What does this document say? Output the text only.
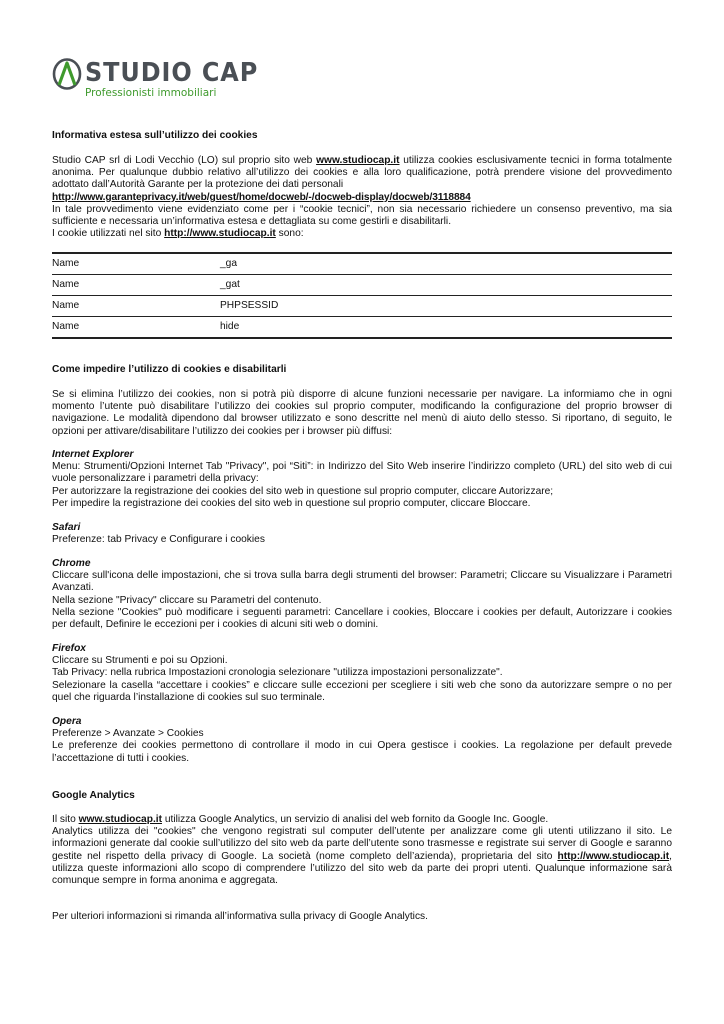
STUDIO CAP
Professionisti immobiliari

Informativa estesa sull’utilizzo dei cookies

Studio CAP srl di Lodi Vecchio (LO) sul proprio sito web www.studiocap.it utilizza cookies esclusivamente tecnici in forma totalmente anonima. Per qualunque dubbio relativo all’utilizzo dei cookies e alla loro qualificazione, potrà prendere visione del provvedimento adottato dall’Autorità Garante per la protezione dei dati personali

http://www.garanteprivacy.it/web/guest/home/docweb/-/docweb-display/docweb/3118884

In tale provvedimento viene evidenziato come per i “cookie tecnici”, non sia necessario richiedere un consenso preventivo, ma sia sufficiente e necessaria un’informativa estesa e dettagliata su come gestirli e disabilitarli.

I cookie utilizzati nel sito http://www.studiocap.it sono:

Name	_ga
Name	_gat
Name	PHPSESSID
Name	hide

Come impedire l’utilizzo di cookies e disabilitarli

Se si elimina l’utilizzo dei cookies, non si potrà più disporre di alcune funzioni necessarie per navigare. La informiamo che in ogni momento l’utente può disabilitare l’utilizzo dei cookies sul proprio computer, modificando la configurazione del proprio browser di navigazione. Le modalità dipendono dal browser utilizzato e sono descritte nel menù di aiuto dello stesso. Si riportano, di seguito, le opzioni per attivare/disabilitare l’utilizzo dei cookies per i browser più diffusi:

Internet Explorer

Menu: Strumenti/Opzioni Internet Tab "Privacy", poi “Siti”: in Indirizzo del Sito Web inserire l’indirizzo completo (URL) del sito web di cui vuole personalizzare i parametri della privacy:

Per autorizzare la registrazione dei cookies del sito web in questione sul proprio computer, cliccare Autorizzare;

Per impedire la registrazione dei cookies del sito web in questione sul proprio computer, cliccare Bloccare.

Safari

Preferenze: tab Privacy e Configurare i cookies

Chrome

Cliccare sull'icona delle impostazioni, che si trova sulla barra degli strumenti del browser: Parametri; Cliccare su Visualizzare i Parametri Avanzati.

Nella sezione "Privacy" cliccare su Parametri del contenuto.

Nella sezione "Cookies" può modificare i seguenti parametri: Cancellare i cookies, Bloccare i cookies per default, Autorizzare i cookies per default, Definire le eccezioni per i cookies di alcuni siti web o domini.

Firefox

Cliccare su Strumenti e poi su Opzioni.

Tab Privacy: nella rubrica Impostazioni cronologia selezionare "utilizza impostazioni personalizzate".

Selezionare la casella “accettare i cookies” e cliccare sulle eccezioni per scegliere i siti web che sono da autorizzare sempre o no per quel che riguarda l’installazione di cookies sul suo terminale.

Opera

Preferenze > Avanzate > Cookies

Le preferenze dei cookies permettono di controllare il modo in cui Opera gestisce i cookies. La regolazione per default prevede l’accettazione di tutti i cookies.

Google Analytics

Il sito www.studiocap.it utilizza Google Analytics, un servizio di analisi del web fornito da Google Inc. Google.

Analytics utilizza dei "cookies" che vengono registrati sul computer dell’utente per analizzare come gli utenti utilizzano il sito. Le informazioni generate dal cookie sull’utilizzo del sito web da parte dell’utente sono trasmesse e registrate sui server di Google e saranno gestite nel rispetto della privacy di Google. La società (nome completo dell’azienda), proprietaria del sito http://www.studiocap.it, utilizza queste informazioni allo scopo di comprendere l’utilizzo del sito web da parte dei propri utenti. Qualunque informazione sarà comunque sempre in forma anonima e aggregata.

Per ulteriori informazioni si rimanda all’informativa sulla privacy di Google Analytics.
